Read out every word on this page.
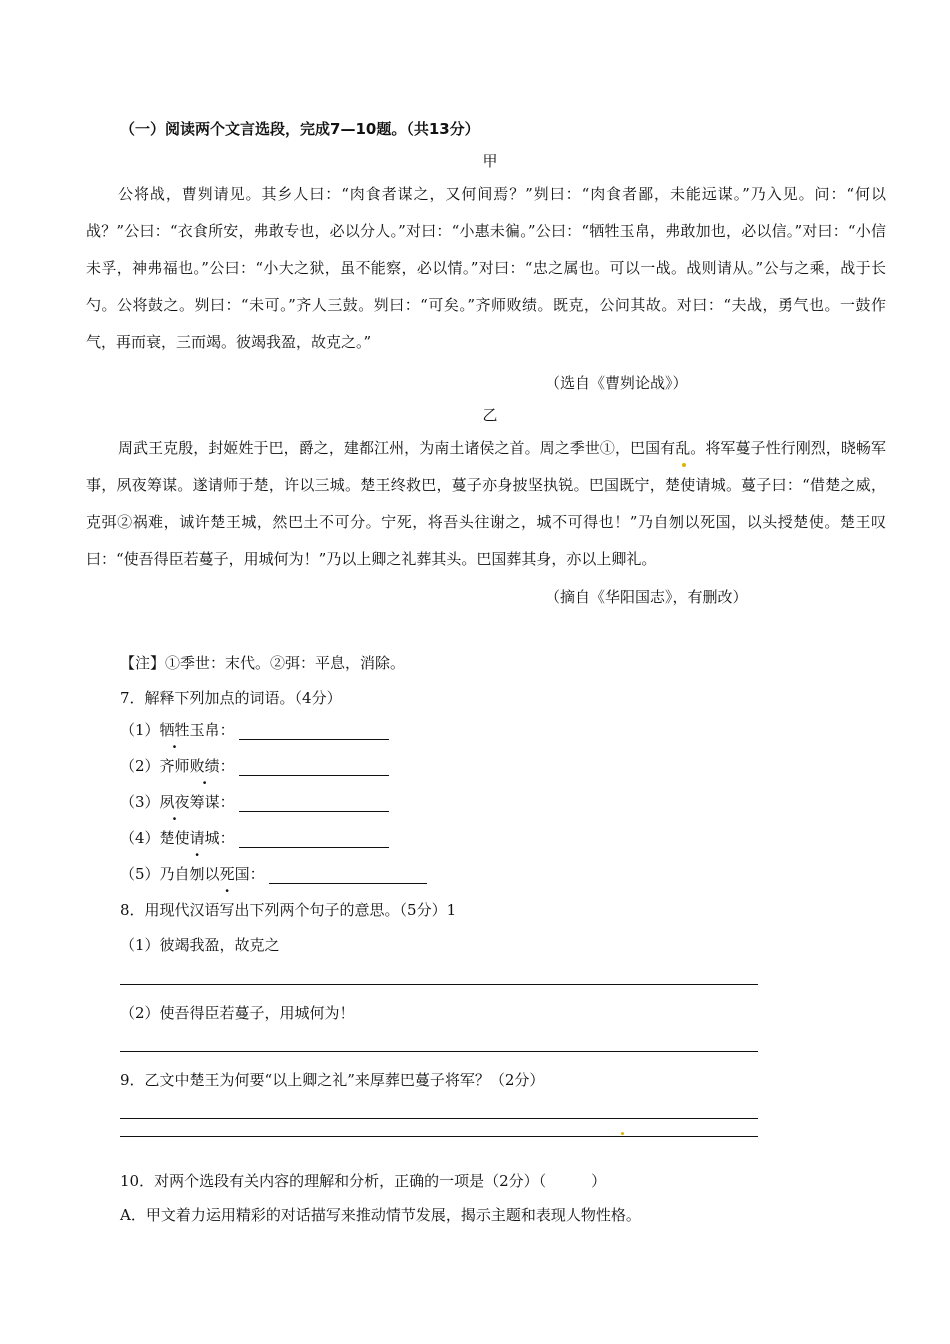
（一）阅读两个文言选段，完成7—10题。（共13分）
甲
公将战，曹刿请见。其乡人曰：“肉食者谋之，又何间焉？”刿曰：“肉食者鄙，未能远谋。”乃入见。问：“何以战？”公曰：“衣食所安，弗敢专也，必以分人。”对曰：“小惠未徧。”公曰：“牺牲玉帛，弗敢加也，必以信。”对曰：“小信未孚，神弗福也。”公曰：“小大之狱，虽不能察，必以情。”对曰：“忠之属也。可以一战。战则请从。”公与之乘，战于长勺。公将鼓之。刿曰：“未可。”齐人三鼓。刿曰：“可矣。”齐师败绩。既克，公问其故。对曰：“夫战，勇气也。一鼓作气，再而衰，三而竭。彼竭我盈，故克之。”
（选自《曹刿论战》）
乙
周武王克殷，封姬姓于巴，爵之，建都江州，为南土诸侯之首。周之季世①，巴国有乱。将军蔓子性行刚烈，晓畅军事，夙夜筹谋。遂请师于楚，许以三城。楚王终救巴，蔓子亦身披坚执锐。巴国既宁，楚使请城。蔓子曰：“借楚之威，克弭②祸难，诚许楚王城，然巴土不可分。宁死，将吾头往谢之，城不可得也！”乃自刎以死国，以头授楚使。楚王叹曰：“使吾得臣若蔓子，用城何为！”乃以上卿之礼葬其头。巴国葬其身，亦以上卿礼。
（摘自《华阳国志》，有删改）
【注】①季世：末代。②弭：平息，消除。
7．解释下列加点的词语。（4分）
（1）牺牲玉帛：
（2）齐师败绩：
（3）夙夜筹谋：
（4）楚使请城：
（5）乃自刎以死国：
8．用现代汉语写出下列两个句子的意思。（5分）1
（1）彼竭我盈，故克之
（2）使吾得臣若蔓子，用城何为！
9．乙文中楚王为何要“以上卿之礼”来厚葬巴蔓子将军？（2分）
10．对两个选段有关内容的理解和分析，正确的一项是（2分）（　　　）
A．甲文着力运用精彩的对话描写来推动情节发展，揭示主题和表现人物性格。
